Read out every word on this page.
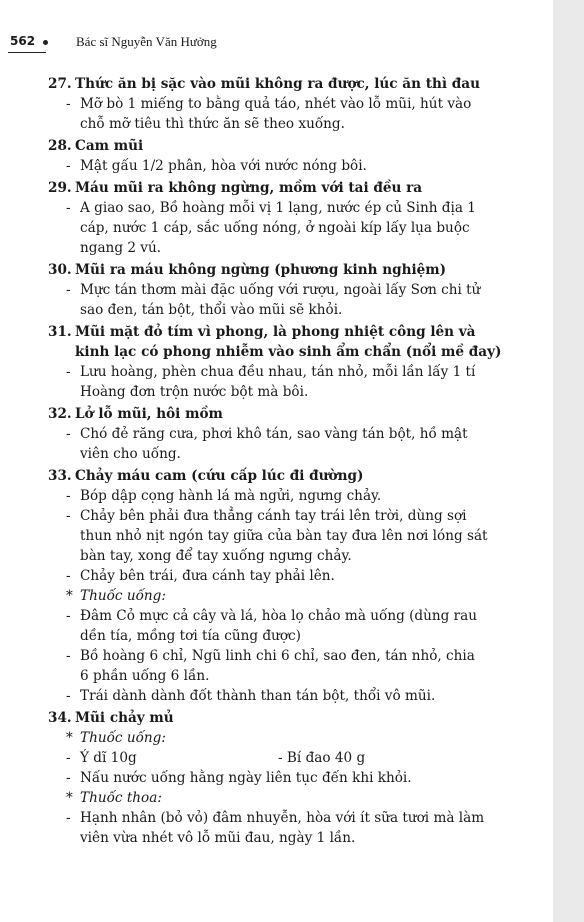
562	Bác sĩ Nguyễn Văn Hưởng
27. Thức ăn bị sặc vào mũi không ra được, lúc ăn thì đau
- Mỡ bò 1 miếng to bằng quả táo, nhét vào lỗ mũi, hút vào
chỗ mỡ tiêu thì thức ăn sẽ theo xuống.
28. Cam mũi
- Mật gấu 1/2 phân, hòa với nước nóng bôi.
29. Máu mũi ra không ngừng, mồm với tai đều ra
- A giao sao, Bồ hoàng mỗi vị 1 lạng, nước ép củ Sinh địa 1
cáp, nước 1 cáp, sắc uống nóng, ở ngoài kíp lấy lụa buộc
ngang 2 vú.
30. Mũi ra máu không ngừng (phương kinh nghiệm)
- Mực tán thơm mài đặc uống với rượu, ngoài lấy Sơn chi tử
sao đen, tán bột, thổi vào mũi sẽ khỏi.
31. Mũi mặt đỏ tím vì phong, là phong nhiệt công lên và
kinh lạc có phong nhiễm vào sinh ẩm chẩn (nổi mề đay)
- Lưu hoàng, phèn chua đều nhau, tán nhỏ, mỗi lần lấy 1 tí
Hoàng đơn trộn nước bột mà bôi.
32. Lở lỗ mũi, hôi mồm
- Chó đẻ răng cưa, phơi khô tán, sao vàng tán bột, hồ mật
viên cho uống.
33. Chảy máu cam (cứu cấp lúc đi đường)
- Bóp dập cọng hành lá mà ngửi, ngưng chảy.
- Chảy bên phải đưa thẳng cánh tay trái lên trời, dùng sợi
thun nhỏ nịt ngón tay giữa của bàn tay đưa lên nơi lóng sát
bàn tay, xong để tay xuống ngưng chảy.
- Chảy bên trái, đưa cánh tay phải lên.
* Thuốc uống:
- Đâm Cỏ mực cả cây và lá, hòa lọ chảo mà uống (dùng rau
dền tía, mồng tơi tía cũng được)
- Bồ hoàng 6 chỉ, Ngũ linh chi 6 chỉ, sao đen, tán nhỏ, chia
6 phần uống 6 lần.
- Trái dành dành đốt thành than tán bột, thổi vô mũi.
34. Mũi chảy mủ
* Thuốc uống:
- Ý dĩ 10g	- Bí đao 40 g
- Nấu nước uống hằng ngày liên tục đến khi khỏi.
* Thuốc thoa:
- Hạnh nhân (bỏ vỏ) đâm nhuyễn, hòa với ít sữa tươi mà làm
viên vừa nhét vô lỗ mũi đau, ngày 1 lần.
